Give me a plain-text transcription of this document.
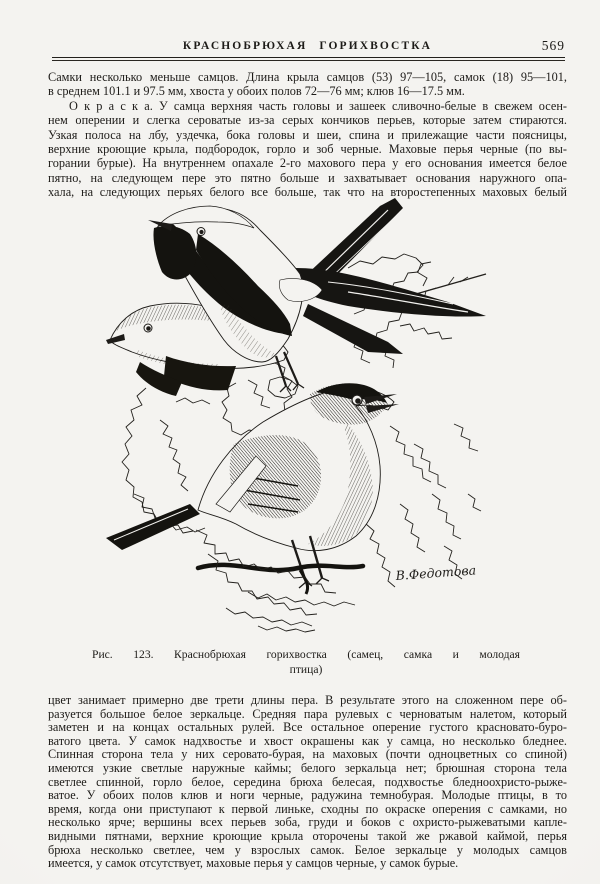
КРАСНОБРЮХАЯ ГОРИХВОСТКА	569
Самки несколько меньше самцов. Длина крыла самцов (53) 97—105, самок (18) 95—101,
в среднем 101.1 и 97.5 мм, хвоста у обоих полов 72—76 мм; клюв 16—17.5 мм.
О к р а с к а. У самца верхняя часть головы и зашеек сливочно-белые в свежем осен-
нем оперении и слегка сероватые из-за серых кончиков перьев, которые затем стираются.
Узкая полоса на лбу, уздечка, бока головы и шеи, спина и прилежащие части поясницы,
верхние кроющие крыла, подбородок, горло и зоб черные. Маховые перья черные (по вы-
горании бурые). На внутреннем опахале 2-го махового пера у его основания имеется белое
пятно, на следующем пере это пятно больше и захватывает основания наружного опа-
хала, на следующих перьях белого все больше, так что на второстепенных маховых белый
В.Федотова
Рис. 123. Краснобрюхая горихвостка (самец, самка и молодая
птица)
цвет занимает примерно две трети длины пера. В результате этого на сложенном пере об-
разуется большое белое зеркальце. Средняя пара рулевых с черноватым налетом, который
заметен и на концах остальных рулей. Все остальное оперение густого красновато-буро-
ватого цвета. У самок надхвостье и хвост окрашены как у самца, но несколько бледнее.
Спинная сторона тела у них серовато-бурая, на маховых (почти одноцветных со спиной)
имеются узкие светлые наружные каймы; белого зеркальца нет; брюшная сторона тела
светлее спинной, горло белое, середина брюха белесая, подхвостье бледноохристо-рыже-
ватое. У обоих полов клюв и ноги черные, радужина темнобурая. Молодые птицы, в то
время, когда они приступают к первой линьке, сходны по окраске оперения с самками, но
несколько ярче; вершины всех перьев зоба, груди и боков с охристо-рыжеватыми капле-
видными пятнами, верхние кроющие крыла оторочены такой же ржавой каймой, перья
брюха несколько светлее, чем у взрослых самок. Белое зеркальце у молодых самцов
имеется, у самок отсутствует, маховые перья у самцов черные, у самок бурые.
